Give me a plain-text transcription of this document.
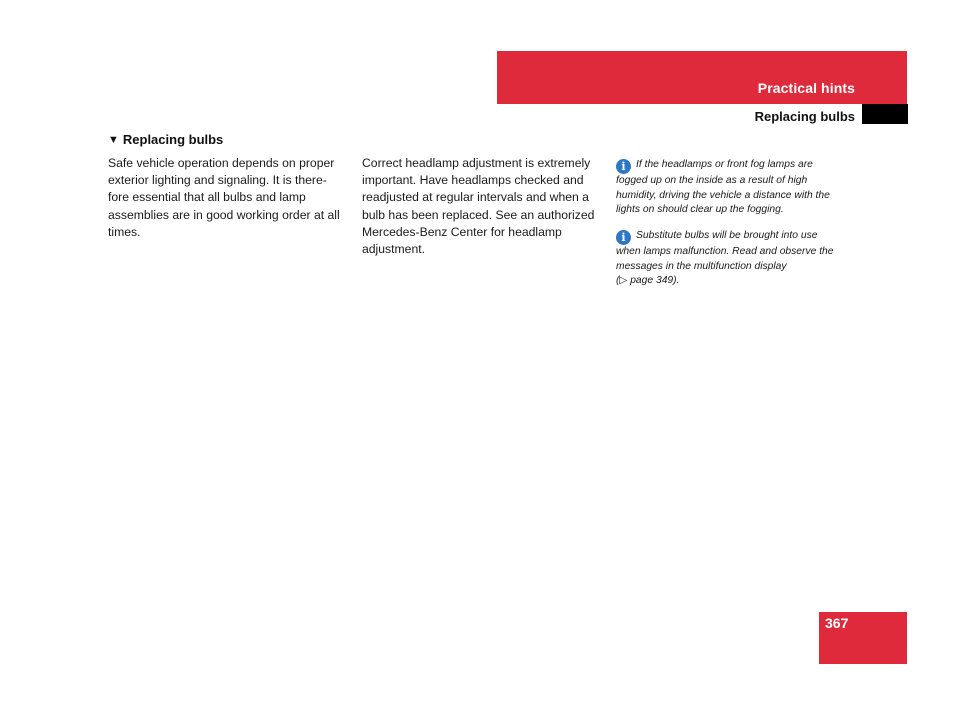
Practical hints
Replacing bulbs
▼ Replacing bulbs
Safe vehicle operation depends on proper
exterior lighting and signaling. It is there-
fore essential that all bulbs and lamp
assemblies are in good working order at all
times.
Correct headlamp adjustment is extremely
important. Have headlamps checked and
readjusted at regular intervals and when a
bulb has been replaced. See an authorized
Mercedes-Benz Center for headlamp
adjustment.
i If the headlamps or front fog lamps are
fogged up on the inside as a result of high
humidity, driving the vehicle a distance with the
lights on should clear up the fogging.
i Substitute bulbs will be brought into use
when lamps malfunction. Read and observe the
messages in the multifunction display
(▷ page 349).
367
